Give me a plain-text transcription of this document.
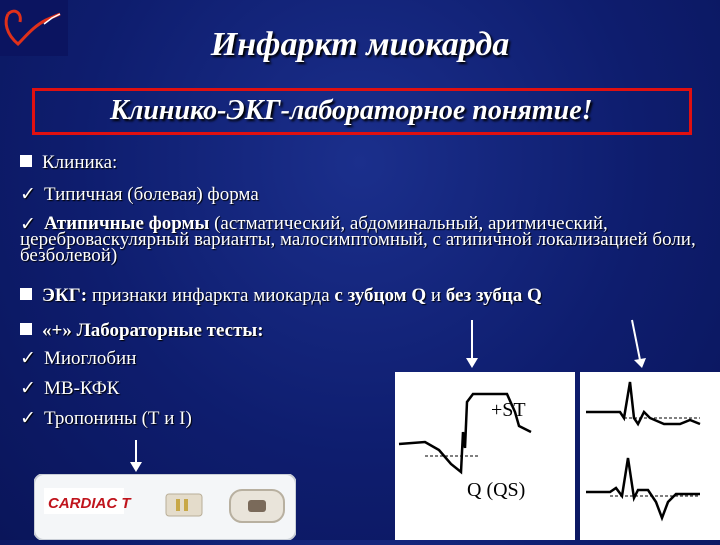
Инфаркт миокарда
Клинико-ЭКГ-лабораторное понятие!
Клиника:
✓ Типичная (болевая) форма
✓ Атипичные формы (астматический, абдоминальный, аритмический, цереброваскулярный варианты, малосимптомный, с атипичной локализацией боли, безболевой)
ЭКГ: признаки инфаркта миокарда с зубцом Q и без зубца Q
«+» Лабораторные тесты:
✓ Миоглобин
✓ MB-КФК
✓ Тропонины (Т и I)	+ST
Q (QS)
CARDIAC T
